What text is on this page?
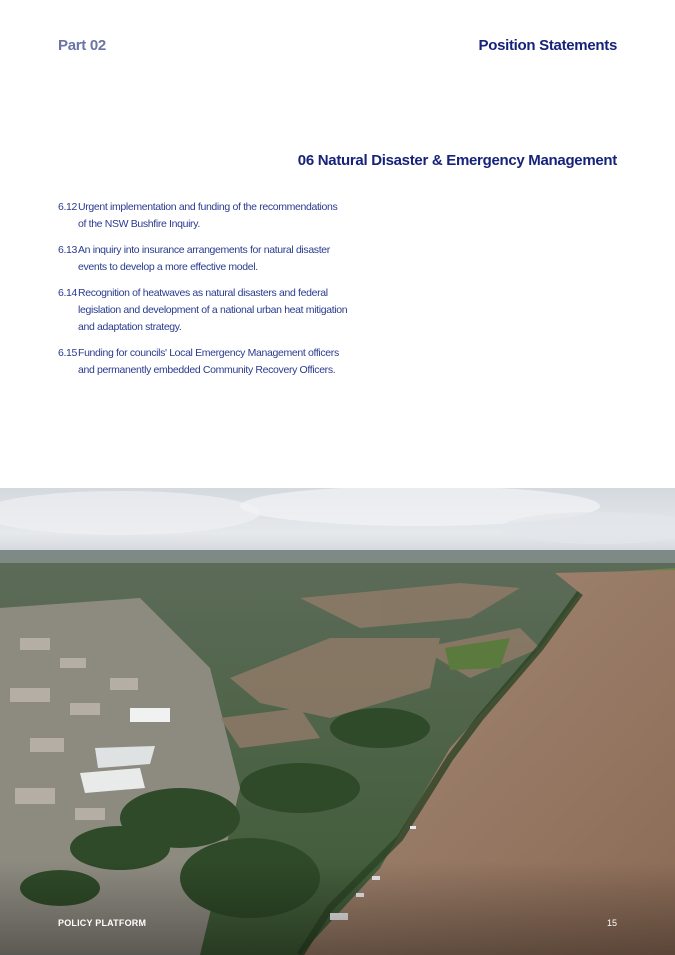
Part 02	Position Statements
06 Natural Disaster & Emergency Management
6.12 Urgent implementation and funding of the recommendations of the NSW Bushfire Inquiry.
6.13 An inquiry into insurance arrangements for natural disaster events to develop a more effective model.
6.14 Recognition of heatwaves as natural disasters and federal legislation and development of a national urban heat mitigation and adaptation strategy.
6.15 Funding for councils' Local Emergency Management officers and permanently embedded Community Recovery Officers.
POLICY PLATFORM	15
